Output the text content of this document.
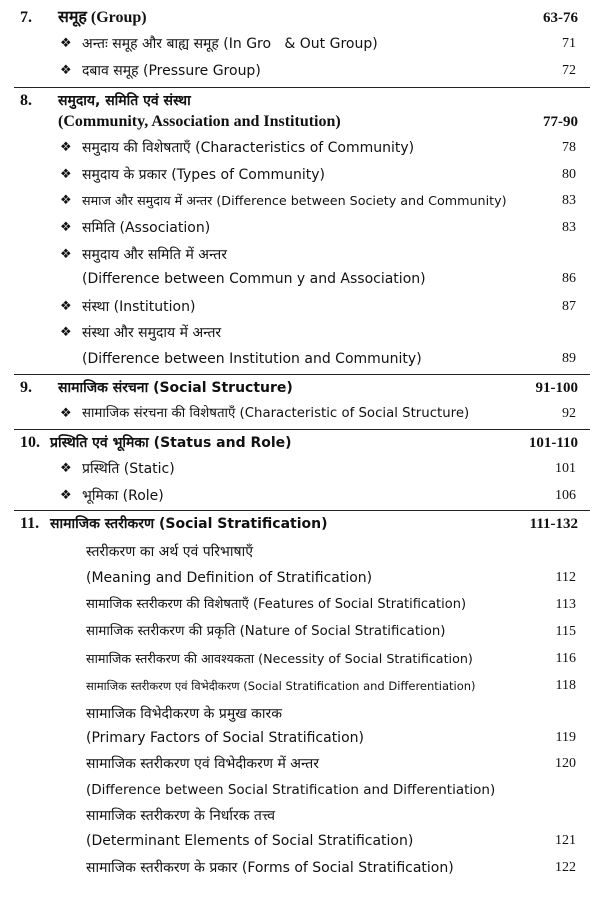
7. समूह (Group)	63-76
❖ अन्तः समूह और बाह्य समूह (In Gro ‌ ‌ & Out Group)	71
❖ दबाव समूह (Pressure Group)	72
8. समुदाय, समिति एवं संस्था
(Community, Association and Institution)	77-90
❖ समुदाय की विशेषताएँ (Characteristics of Community)	78
❖ समुदाय के प्रकार (Types of Community)	80
❖ समाज और समुदाय में अन्तर (Difference between Society and Community)	83
❖ समिति (Association)	83
❖ समुदाय और समिति में अन्तर
(Difference between Commun ‌y and Association)	86
❖ संस्था (Institution)	87
❖ संस्था और समुदाय में अन्तर
(Difference between Institution and Community)	89
9. सामाजिक संरचना (Social Structure)	91-100
❖ सामाजिक संरचना की विशेषताएँ (Characteristic of Social Structure)	92
10. प्रस्थिति एवं भूमिका (Status and Role)	101-110
❖ प्रस्थिति (Static)	101
❖ भूमिका (Role)	106
11. सामाजिक स्तरीकरण (Social Stratification)	111-132
स्तरीकरण का अर्थ एवं परिभाषाएँ
(Meaning and Definition of Stratification)	112
सामाजिक स्तरीकरण की विशेषताएँ (Features of Social Stratification)	113
सामाजिक स्तरीकरण की प्रकृति (Nature of Social Stratification)	115
सामाजिक स्तरीकरण की आवश्यकता (Necessity of Social Stratification)	116
सामाजिक स्तरीकरण एवं विभेदीकरण (Social Stratification and Differentiation)	118
सामाजिक विभेदीकरण के प्रमुख कारक
(Primary Factors of Social Stratification)	119
सामाजिक स्तरीकरण एवं विभेदीकरण में अन्तर	120
(Difference between Social Stratification and Differentiation)
सामाजिक स्तरीकरण के निर्धारक तत्त्व
(Determinant Elements of Social Stratification)	121
सामाजिक स्तरीकरण के प्रकार (Forms of Social Stratification)	122
